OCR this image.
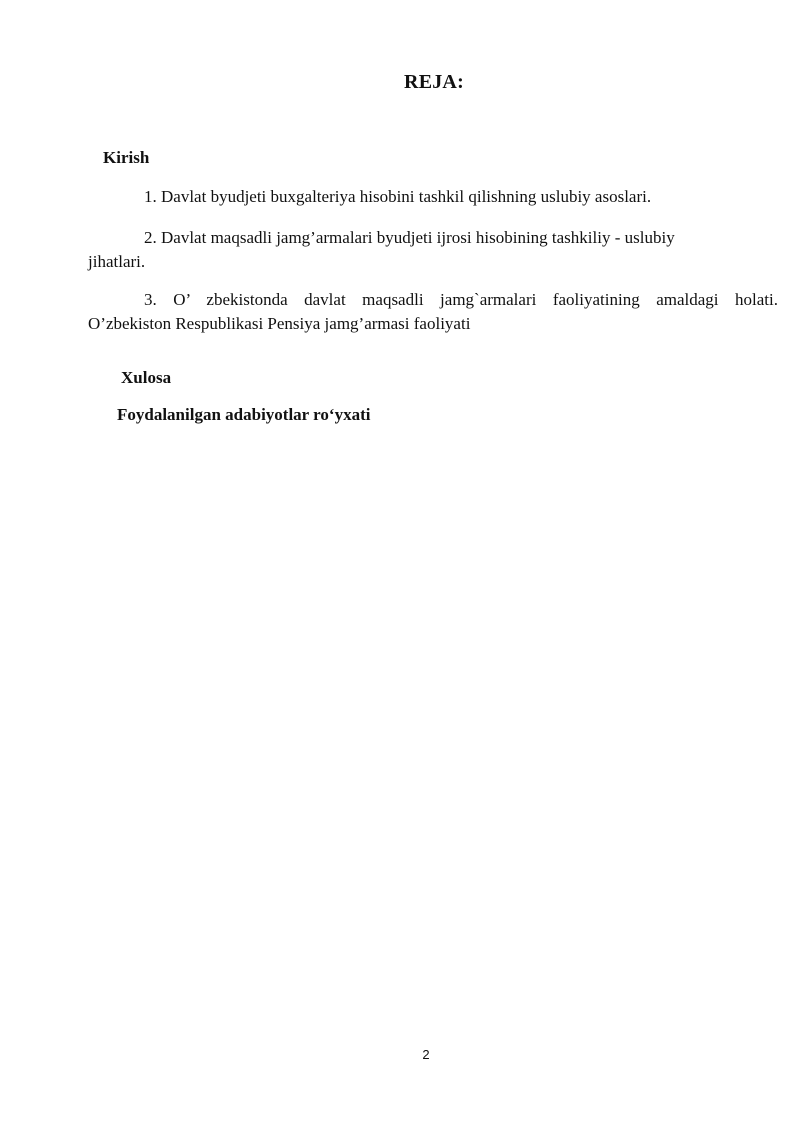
REJA:
Kirish
1. Davlat byudjeti buxgalteriya hisobini tashkil qilishning uslubiy asoslari.
2. Davlat maqsadli jamg’armalari byudjeti ijrosi hisobining tashkiliy - uslubiy
jihatlari.
3. O’ zbekistonda davlat maqsadli jamg`armalari faoliyatining amaldagi holati.
O’zbekiston Respublikasi Pensiya jamg’armasi faoliyati
Xulosa
Foydalanilgan adabiyotlar ro‘yxati
2
